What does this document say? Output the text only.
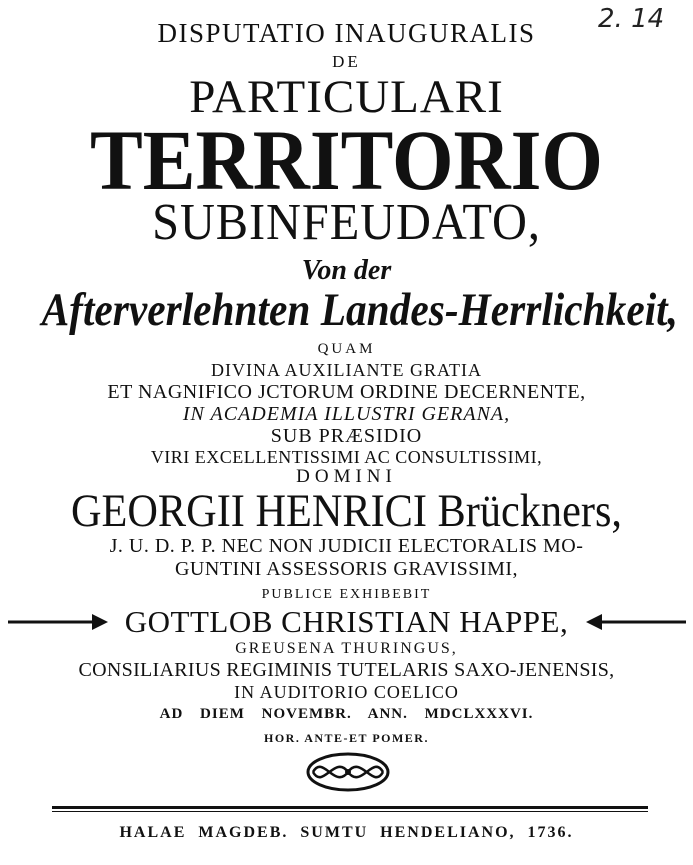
2. 14
DISPUTATIO INAUGURALIS
DE
PARTICULARI
TERRITORIO
SUBINFEUDATO,
Von der
Afterverlehnten Landes-Herrlichkeit,
QUAM
DIVINA AUXILIANTE GRATIA
ET NAGNIFICO JCTORUM ORDINE DECERNENTE,
IN ACADEMIA ILLUSTRI GERANA,
SUB PRÆSIDIO
VIRI EXCELLENTISSIMI AC CONSULTISSIMI,
DOMINI
GEORGII HENRICI Brückners,
J. U. D. P. P. NEC NON JUDICII ELECTORALIS MO-
GUNTINI ASSESSORIS GRAVISSIMI,
PUBLICE EXHIBEBIT
GOTTLOB CHRISTIAN HAPPE,
GREUSENA THURINGUS,
CONSILIARIUS REGIMINIS TUTELARIS SAXO-JENENSIS,
IN AUDITORIO COELICO
AD DIEM NOVEMBR. ANN. MDCLXXXVI.
HOR. ANTE-ET POMER.
HALAE MAGDEB. SUMTU HENDELIANO, 1736.
